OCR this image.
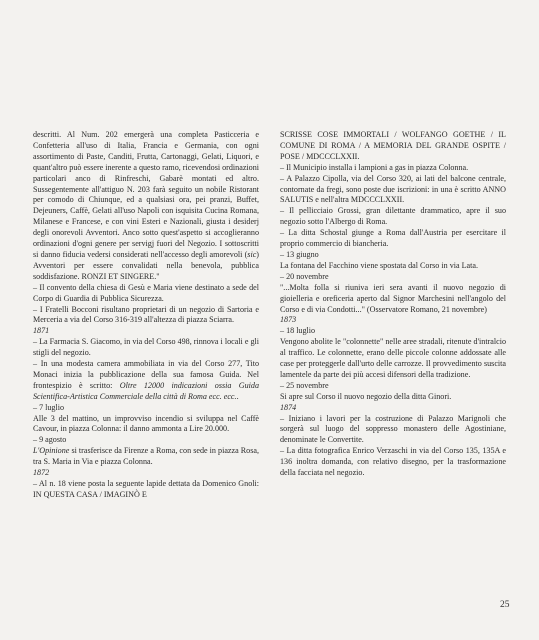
descritti. Al Num. 202 emergerà una completa Pasticceria e Confetteria all'uso di Italia, Francia e Germania, con ogni assortimento di Paste, Canditi, Frutta, Cartonaggi, Gelati, Liquori, e quant'altro può essere inerente a questo ramo, ricevendosi ordinazioni particolari anco di Rinfreschi, Gabarè montati ed altro. Sussegentemente all'attiguo N. 203 farà seguito un nobile Ristorant per comodo di Chiunque, ed a qualsiasi ora, pei pranzi, Buffet, Dejeuners, Caffè, Gelati all'uso Napoli con isquisita Cucina Romana, Milanese e Francese, e con vini Esteri e Nazionali, giusta i desiderj degli onorevoli Avventori. Anco sotto quest'aspetto si accoglieranno ordinazioni d'ogni genere per servigj fuori del Negozio. I sottoscritti si danno fiducia vedersi considerati nell'accesso degli amorevoli (sic) Avventori per essere convalidati nella benevola, pubblica soddisfazione. RONZI ET SINGERE."

– Il convento della chiesa di Gesù e Maria viene destinato a sede del Corpo di Guardia di Pubblica Sicurezza.

– I Fratelli Bocconi risultano proprietari di un negozio di Sartoria e Merceria a via del Corso 316-319 all'altezza di piazza Sciarra.

1871

– La Farmacia S. Giacomo, in via del Corso 498, rinnova i locali e gli stigli del negozio.

– In una modesta camera ammobiliata in via del Corso 277, Tito Monaci inizia la pubblicazione della sua famosa Guida. Nel frontespizio è scritto: Oltre 12000 indicazioni ossia Guida Scientifica-Artistica Commerciale della città di Roma ecc. ecc..

– 7 luglio

Alle 3 del mattino, un improvviso incendio si sviluppa nel Caffè Cavour, in piazza Colonna: il danno ammonta a Lire 20.000.

– 9 agosto

L'Opinione si trasferisce da Firenze a Roma, con sede in piazza Rosa, tra S. Maria in Via e piazza Colonna.

1872

– Al n. 18 viene posta la seguente lapide dettata da Domenico Gnoli: IN QUESTA CASA / IMAGINÒ E

SCRISSE COSE IMMORTALI / WOLFANGO GOETHE / IL COMUNE DI ROMA / A MEMORIA DEL GRANDE OSPITE / POSE / MDCCCLXXII.

– Il Municipio installa i lampioni a gas in piazza Colonna.

– A Palazzo Cipolla, via del Corso 320, ai lati del balcone centrale, contornate da fregi, sono poste due iscrizioni: in una è scritto ANNO SALUTIS e nell'altra MDCCCLXXII.

– Il pellicciaio Grossi, gran dilettante drammatico, apre il suo negozio sotto l'Albergo di Roma.

– La ditta Schostal giunge a Roma dall'Austria per esercitare il proprio commercio di biancheria.

– 13 giugno

La fontana del Facchino viene spostata dal Corso in via Lata.

– 20 novembre

"...Molta folla si riuniva ieri sera avanti il nuovo negozio di gioielleria e oreficeria aperto dal Signor Marchesini nell'angolo del Corso e di via Condotti..." (Osservatore Romano, 21 novembre)

1873

– 18 luglio

Vengono abolite le "colonnette" nelle aree stradali, ritenute d'intralcio al traffico. Le colonnette, erano delle piccole colonne addossate alle case per proteggerle dall'urto delle carrozze. Il provvedimento suscita lamentele da parte dei più accesi difensori della tradizione.

– 25 novembre

Si apre sul Corso il nuovo negozio della ditta Ginori.

1874

– Iniziano i lavori per la costruzione di Palazzo Marignoli che sorgerà sul luogo del soppresso monastero delle Agostiniane, denominate le Convertite.

– La ditta fotografica Enrico Verzaschi in via del Corso 135, 135A e 136 inoltra domanda, con relativo disegno, per la trasformazione della facciata nel negozio.

25
